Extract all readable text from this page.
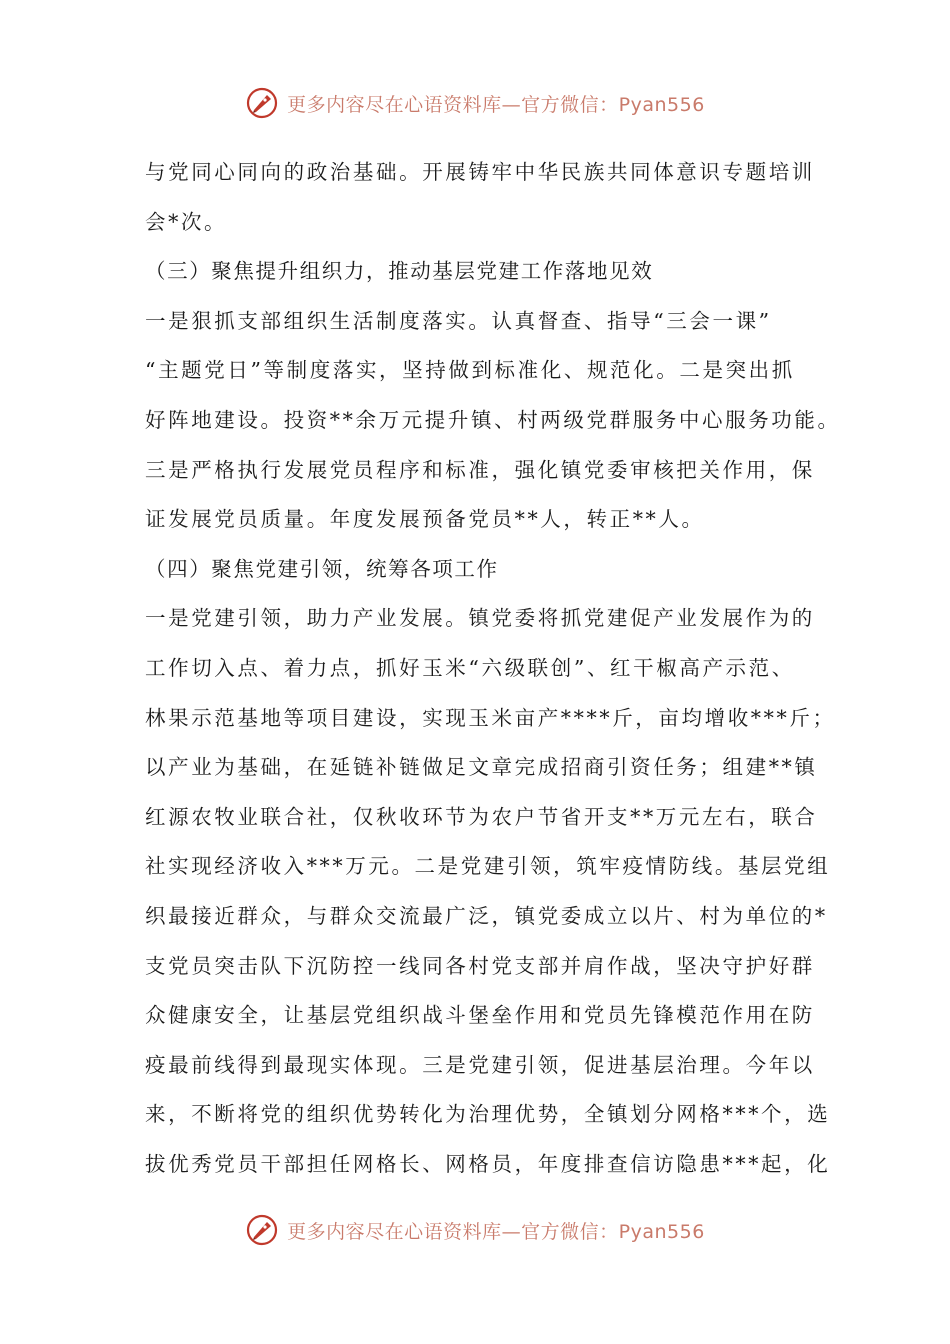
更多内容尽在心语资料库—官方微信：Pyan556
与党同心同向的政治基础。开展铸牢中华民族共同体意识专题培训
会*次。
（三）聚焦提升组织力，推动基层党建工作落地见效
一是狠抓支部组织生活制度落实。认真督查、指导“三会一课”
“主题党日”等制度落实，坚持做到标准化、规范化。二是突出抓
好阵地建设。投资**余万元提升镇、村两级党群服务中心服务功能。
三是严格执行发展党员程序和标准，强化镇党委审核把关作用，保
证发展党员质量。年度发展预备党员**人，转正**人。
（四）聚焦党建引领，统筹各项工作
一是党建引领，助力产业发展。镇党委将抓党建促产业发展作为的
工作切入点、着力点，抓好玉米“六级联创”、红干椒高产示范、
林果示范基地等项目建设，实现玉米亩产****斤，亩均增收***斤；
以产业为基础，在延链补链做足文章完成招商引资任务；组建**镇
红源农牧业联合社，仅秋收环节为农户节省开支**万元左右，联合
社实现经济收入***万元。二是党建引领，筑牢疫情防线。基层党组
织最接近群众，与群众交流最广泛，镇党委成立以片、村为单位的*
支党员突击队下沉防控一线同各村党支部并肩作战，坚决守护好群
众健康安全，让基层党组织战斗堡垒作用和党员先锋模范作用在防
疫最前线得到最现实体现。三是党建引领，促进基层治理。今年以
来，不断将党的组织优势转化为治理优势，全镇划分网格***个，选
拔优秀党员干部担任网格长、网格员，年度排查信访隐患***起，化
更多内容尽在心语资料库—官方微信：Pyan556
